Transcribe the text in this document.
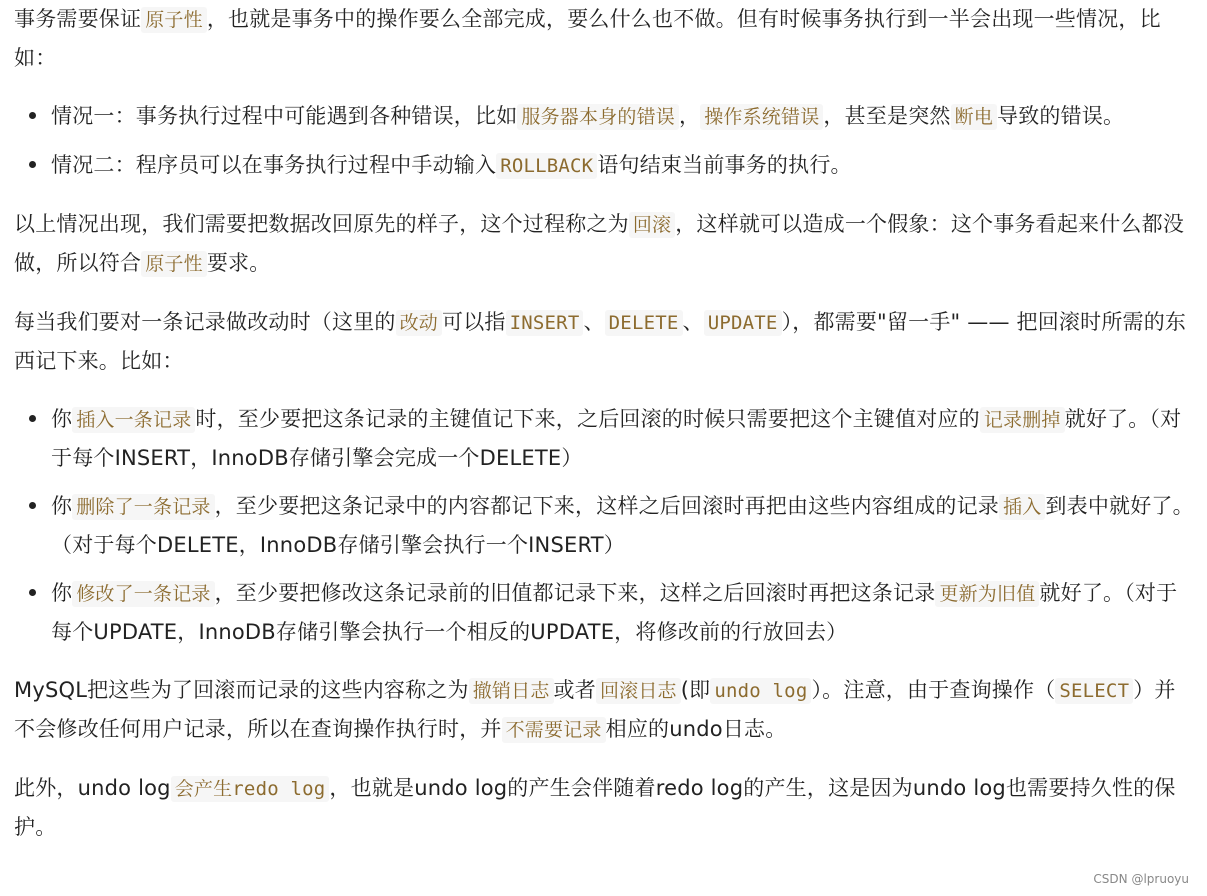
事务需要保证 原子性 ，也就是事务中的操作要么全部完成，要么什么也不做。但有时候事务执行到一半会出现一些情况，比如：

情况一：事务执行过程中可能遇到各种错误，比如 服务器本身的错误 ， 操作系统错误 ，甚至是突然 断电 导致的错误。
情况二：程序员可以在事务执行过程中手动输入 ROLLBACK 语句结束当前事务的执行。

以上情况出现，我们需要把数据改回原先的样子，这个过程称之为 回滚 ，这样就可以造成一个假象：这个事务看起来什么都没做，所以符合 原子性 要求。

每当我们要对一条记录做改动时（这里的 改动 可以指 INSERT 、 DELETE 、 UPDATE ），都需要"留一手" —— 把回滚时所需的东西记下来。比如：

你 插入一条记录 时，至少要把这条记录的主键值记下来，之后回滚的时候只需要把这个主键值对应的 记录删掉 就好了。（对于每个INSERT，InnoDB存储引擎会完成一个DELETE）
你 删除了一条记录 ，至少要把这条记录中的内容都记下来，这样之后回滚时再把由这些内容组成的记录 插入 到表中就好了。（对于每个DELETE，InnoDB存储引擎会执行一个INSERT）
你 修改了一条记录 ，至少要把修改这条记录前的旧值都记录下来，这样之后回滚时再把这条记录 更新为旧值 就好了。（对于每个UPDATE，InnoDB存储引擎会执行一个相反的UPDATE，将修改前的行放回去）

MySQL把这些为了回滚而记录的这些内容称之为 撤销日志 或者 回滚日志 (即 undo log ）。注意，由于查询操作（ SELECT ）并不会修改任何用户记录，所以在查询操作执行时，并 不需要记录 相应的undo日志。

此外，undo log 会产生redo log ，也就是undo log的产生会伴随着redo log的产生，这是因为undo log也需要持久性的保护。

CSDN @lpruoyu
